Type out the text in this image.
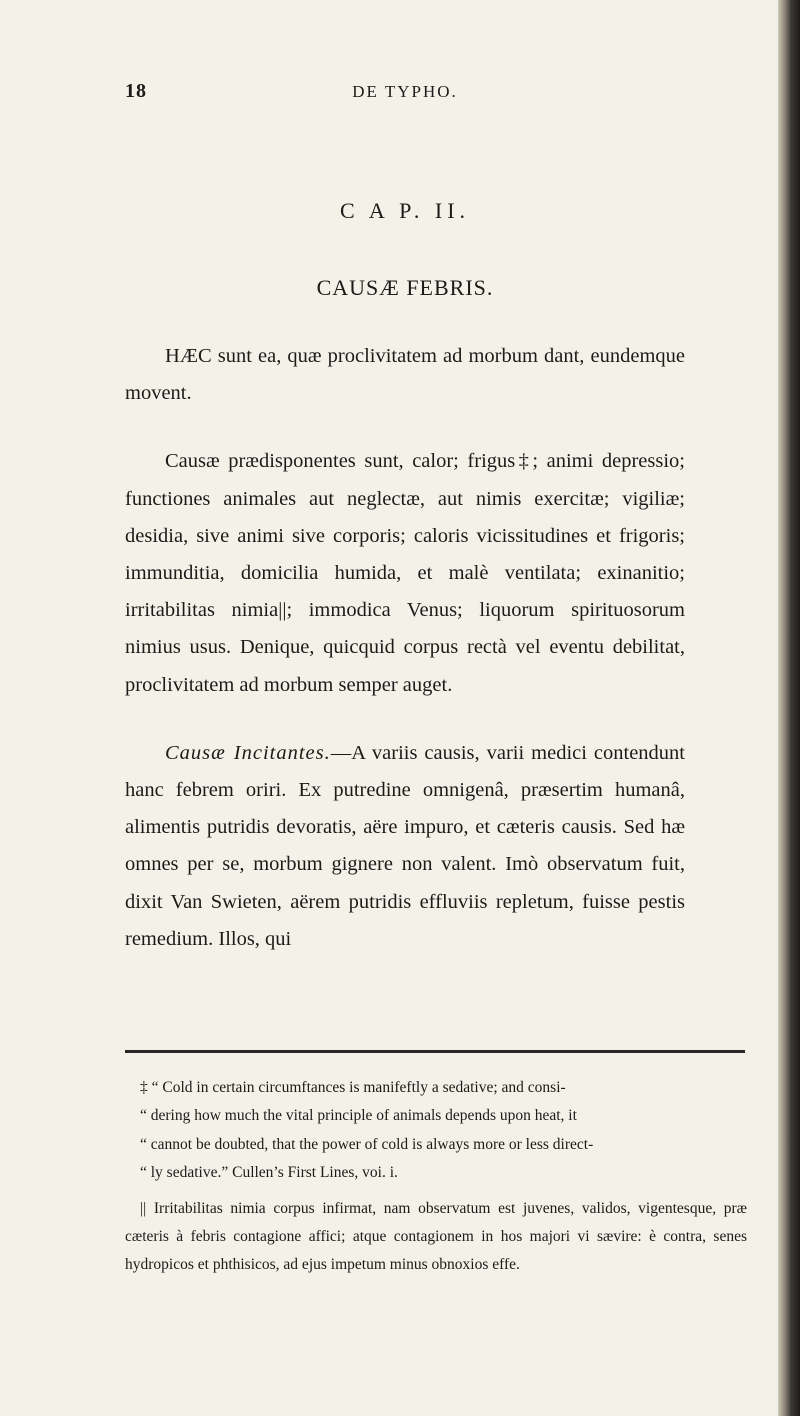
18	DE TYPHO.
C A P. II.
CAUSÆ FEBRIS.

HÆC sunt ea, quæ proclivitatem ad morbum dant, eundemque movent.

Causæ prædisponentes sunt, calor; frigus‡; animi depressio; functiones animales aut neglectæ, aut nimis exercitæ; vigiliæ; desidia, sive animi sive corporis; caloris vicissitudines et frigoris; immunditia, domicilia humida, et malè ventilata; exinanitio; irritabilitas nimia||; immodica Venus; liquorum spirituosorum nimius usus. Denique, quicquid corpus rectà vel eventu debilitat, proclivitatem ad morbum semper auget.

Causæ Incitantes.—A variis causis, varii medici contendunt hanc febrem oriri. Ex putredine omnigenâ, præsertim humanâ, alimentis putridis devoratis, aëre impuro, et cæteris causis. Sed hæ omnes per se, morbum gignere non valent. Imò observatum fuit, dixit Van Swieten, aërem putridis effluviis repletum, fuisse pestis remedium. Illos, qui

‡ “ Cold in certain circumftances is manifeftly a sedative; and consi-
“ dering how much the vital principle of animals depends upon heat, it
“ cannot be doubted, that the power of cold is always more or less direct-
“ ly sedative.” Cullen’s First Lines, voi. i.

|| Irritabilitas nimia corpus infirmat, nam observatum est juvenes, validos, vigentesque, præ cæteris à febris contagione affici; atque contagionem in hos majori vi sævire: è contra, senes hydropicos et phthisicos, ad ejus impetum minus obnoxios effe.
